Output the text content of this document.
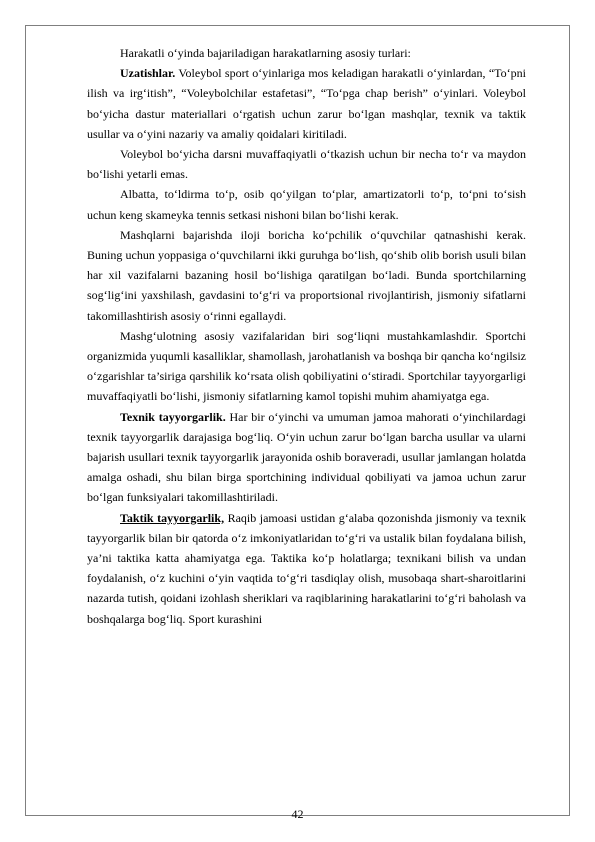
Harakatli o‘yinda bajariladigan harakatlarning asosiy turlari:

Uzatishlar. Voleybol sport o‘yinlariga mos keladigan harakatli o‘yinlardan, “To‘pni ilish va irg‘itish”, “Voleybolchilar estafetasi”, “To‘pga chap berish” o‘yinlari. Voleybol bo‘yicha dastur materiallari o‘rgatish uchun zarur bo‘lgan mashqlar, texnik va taktik usullar va o‘yini nazariy va amaliy qoidalari kiritiladi.

Voleybol bo‘yicha darsni muvaffaqiyatli o‘tkazish uchun bir necha to‘r va maydon bo‘lishi yetarli emas.

Albatta, to‘ldirma to‘p, osib qo‘yilgan to‘plar, amartizatorli to‘p, to‘pni to‘sish uchun keng skameyka tennis setkasi nishoni bilan bo‘lishi kerak.

Mashqlarni bajarishda iloji boricha ko‘pchilik o‘quvchilar qatnashishi kerak. Buning uchun yoppasiga o‘quvchilarni ikki guruhga bo‘lish, qo‘shib olib borish usuli bilan har xil vazifalarni bazaning hosil bo‘lishiga qaratilgan bo‘ladi. Bunda sportchilarning sog‘lig‘ini yaxshilash, gavdasini to‘g‘ri va proportsional rivojlantirish, jismoniy sifatlarni takomillashtirish asosiy o‘rinni egallaydi.

Mashg‘ulotning asosiy vazifalaridan biri sog‘liqni mustahkamlashdir. Sportchi organizmida yuqumli kasalliklar, shamollash, jarohatlanish va boshqa bir qancha ko‘ngilsiz o‘zgarishlar ta’siriga qarshilik ko‘rsata olish qobiliyatini o‘stiradi. Sportchilar tayyorgarligi muvaffaqiyatli bo‘lishi, jismoniy sifatlarning kamol topishi muhim ahamiyatga ega.

Texnik tayyorgarlik. Har bir o‘yinchi va umuman jamoa mahorati o‘yinchilardagi texnik tayyorgarlik darajasiga bog‘liq. O‘yin uchun zarur bo‘lgan barcha usullar va ularni bajarish usullari texnik tayyorgarlik jarayonida oshib boraveradi, usullar jamlangan holatda amalga oshadi, shu bilan birga sportchining individual qobiliyati va jamoa uchun zarur bo‘lgan funksiyalari takomillashtiriladi.

Taktik tayyorgarlik, Raqib jamoasi ustidan g‘alaba qozonishda jismoniy va texnik tayyorgarlik bilan bir qatorda o‘z imkoniyatlaridan to‘g‘ri va ustalik bilan foydalana bilish, ya’ni taktika katta ahamiyatga ega. Taktika ko‘p holatlarga; texnikani bilish va undan foydalanish, o‘z kuchini o‘yin vaqtida to‘g‘ri tasdiqlay olish, musobaqa shart-sharoitlarini nazarda tutish, qoidani izohlash sheriklari va raqiblarining harakatlarini to‘g‘ri baholash va boshqalarga bog‘liq. Sport kurashini

42
